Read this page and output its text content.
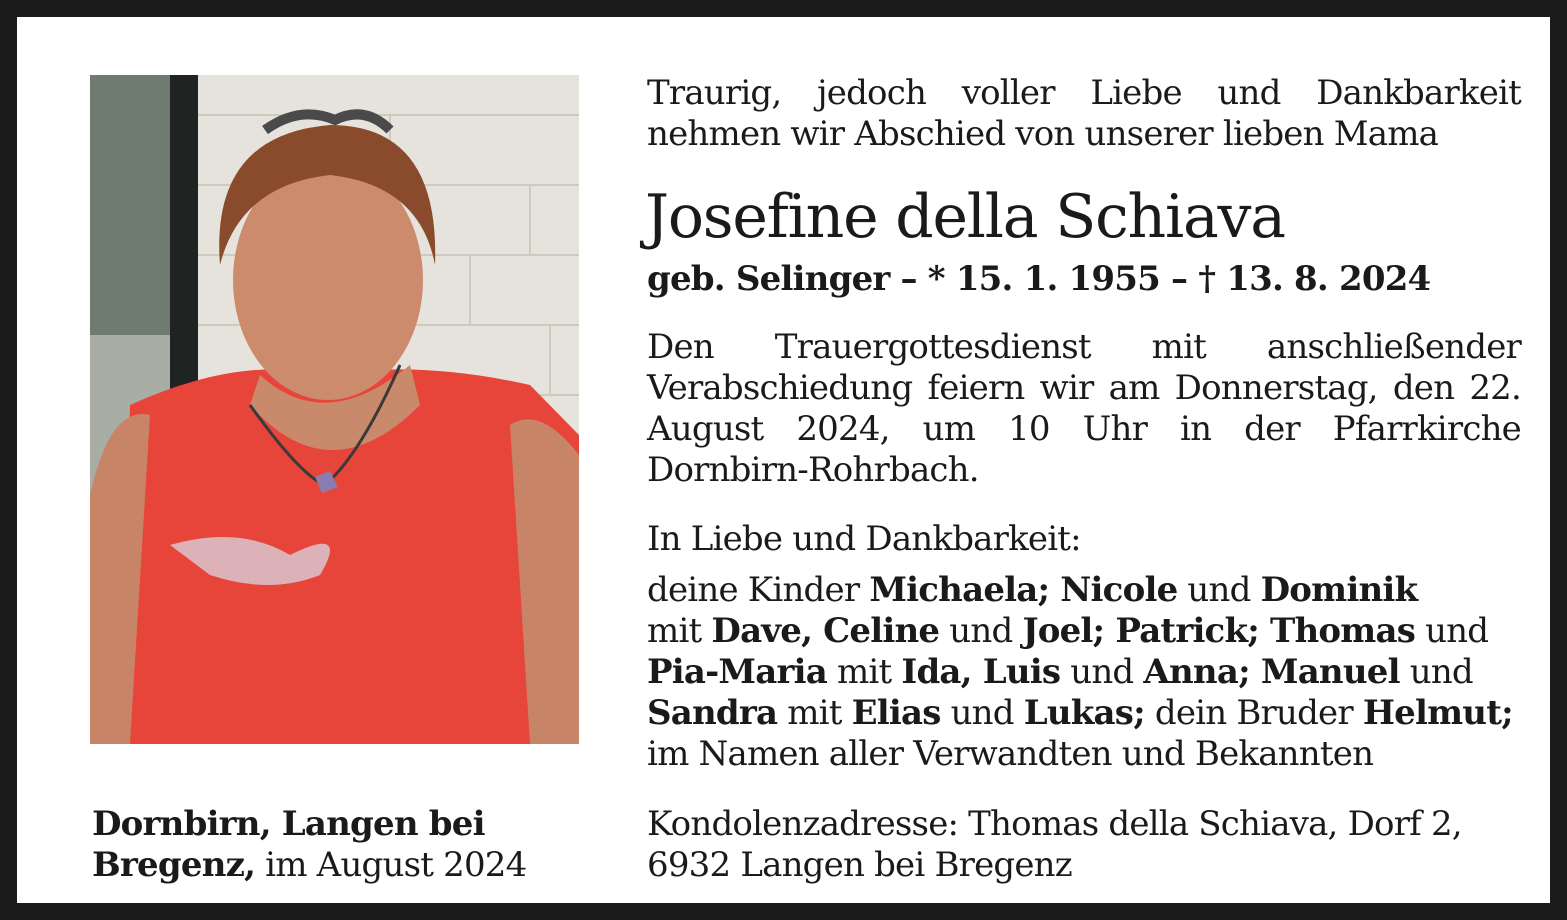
Dornbirn, Langen bei
Bregenz, im August 2024
Traurig, jedoch voller Liebe und Dankbarkeit nehmen wir Abschied von unserer lieben Mama
Josefine della Schiava
geb. Selinger – * 15. 1. 1955 – † 13. 8. 2024
Den Trauergottesdienst mit anschließender Verabschiedung feiern wir am Donnerstag, den 22. August 2024, um 10 Uhr in der Pfarrkirche Dornbirn-Rohrbach.
In Liebe und Dankbarkeit:
deine Kinder Michaela; Nicole und Dominik
mit Dave, Celine und Joel; Patrick; Thomas und
Pia-Maria mit Ida, Luis und Anna; Manuel und
Sandra mit Elias und Lukas; dein Bruder Helmut;
im Namen aller Verwandten und Bekannten
Kondolenzadresse: Thomas della Schiava, Dorf 2,
6932 Langen bei Bregenz
